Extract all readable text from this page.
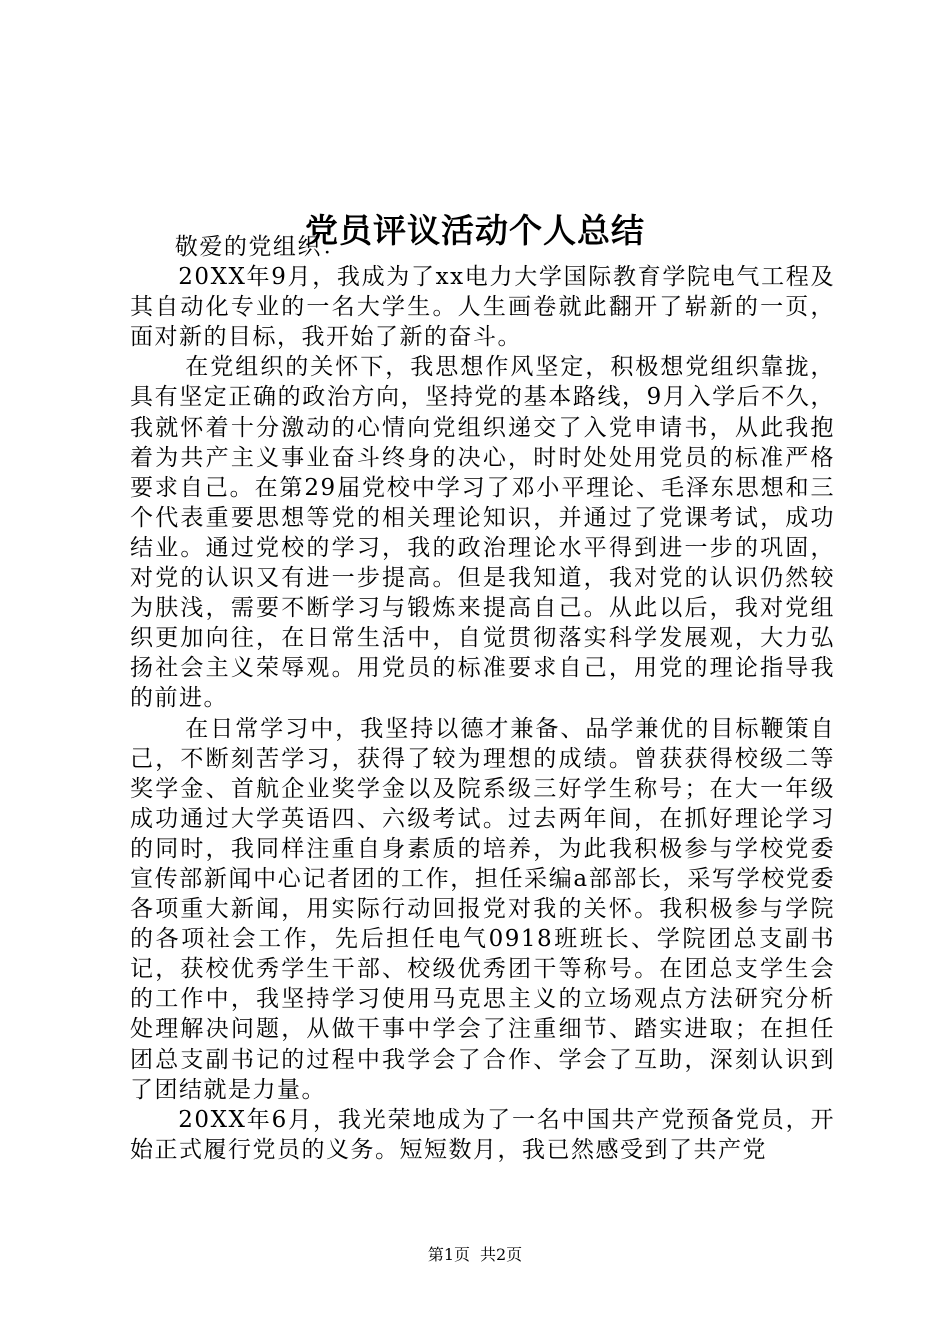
党员评议活动个人总结

敬爱的党组织：

20XX年9月，我成为了xx电力大学国际教育学院电气工程及其自动化专业的一名大学生。人生画卷就此翻开了崭新的一页，面对新的目标，我开始了新的奋斗。

在党组织的关怀下，我思想作风坚定，积极想党组织靠拢，具有坚定正确的政治方向，坚持党的基本路线，9月入学后不久，我就怀着十分激动的心情向党组织递交了入党申请书，从此我抱着为共产主义事业奋斗终身的决心，时时处处用党员的标准严格要求自己。在第29届党校中学习了邓小平理论、毛泽东思想和三个代表重要思想等党的相关理论知识，并通过了党课考试，成功结业。通过党校的学习，我的政治理论水平得到进一步的巩固，对党的认识又有进一步提高。但是我知道，我对党的认识仍然较为肤浅，需要不断学习与锻炼来提高自己。从此以后，我对党组织更加向往，在日常生活中，自觉贯彻落实科学发展观，大力弘扬社会主义荣辱观。用党员的标准要求自己，用党的理论指导我的前进。

在日常学习中，我坚持以德才兼备、品学兼优的目标鞭策自己，不断刻苦学习，获得了较为理想的成绩。曾获获得校级二等奖学金、首航企业奖学金以及院系级三好学生称号；在大一年级成功通过大学英语四、六级考试。过去两年间，在抓好理论学习的同时，我同样注重自身素质的培养，为此我积极参与学校党委宣传部新闻中心记者团的工作，担任采编a部部长，采写学校党委各项重大新闻，用实际行动回报党对我的关怀。我积极参与学院的各项社会工作，先后担任电气0918班班长、学院团总支副书记，获校优秀学生干部、校级优秀团干等称号。在团总支学生会的工作中，我坚持学习使用马克思主义的立场观点方法研究分析处理解决问题，从做干事中学会了注重细节、踏实进取；在担任团总支副书记的过程中我学会了合作、学会了互助，深刻认识到了团结就是力量。

20XX年6月，我光荣地成为了一名中国共产党预备党员，开始正式履行党员的义务。短短数月，我已然感受到了共产党

第1页 共2页
